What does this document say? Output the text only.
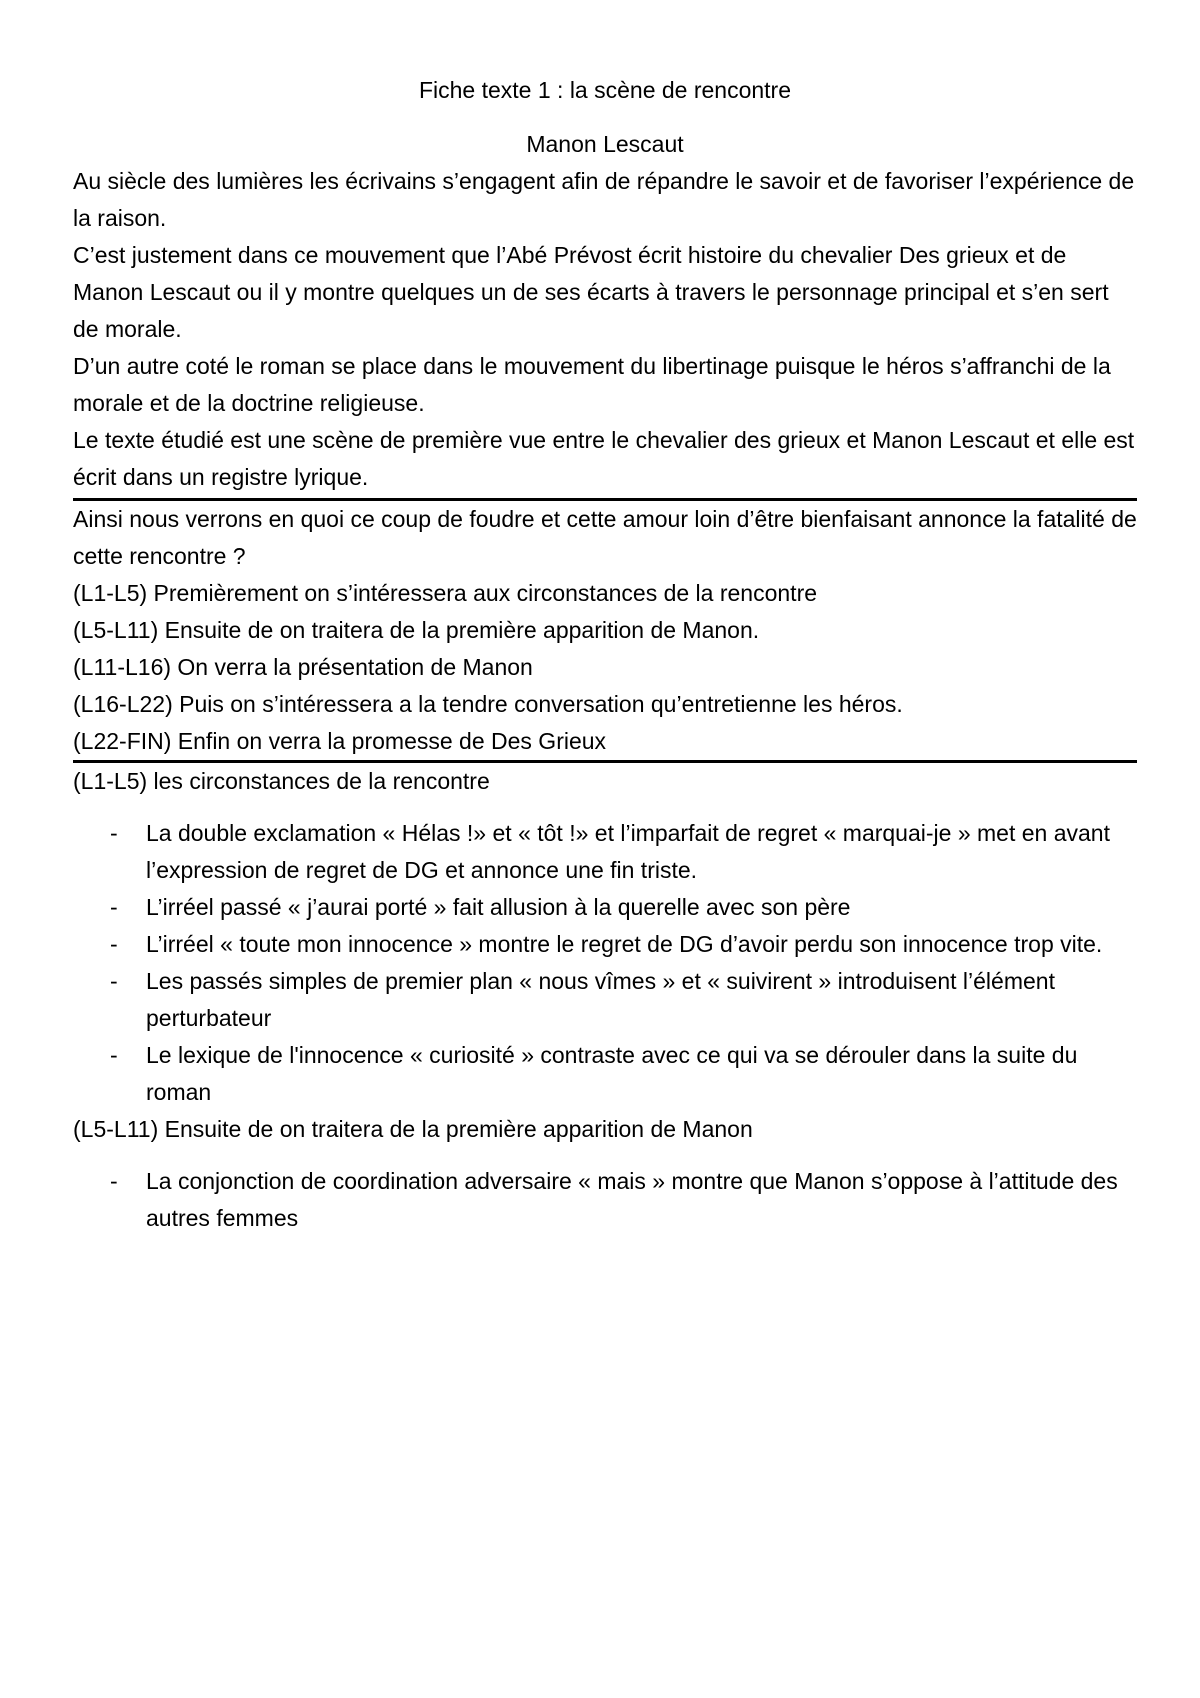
Fiche texte 1 : la scène de rencontre

Manon Lescaut

Au siècle des lumières les écrivains s’engagent afin de répandre le savoir et de favoriser l’expérience de la raison.

C’est justement dans ce mouvement que l’Abé Prévost écrit histoire du chevalier Des grieux et de Manon Lescaut ou il y montre quelques un de ses écarts à travers le personnage principal et s’en sert de morale.

D’un autre coté le roman se place dans le mouvement du libertinage puisque le héros s’affranchi de la morale et de la doctrine religieuse.

Le texte étudié est une scène de première vue entre le chevalier des grieux et Manon Lescaut et elle est écrit dans un registre lyrique.

Ainsi nous verrons en quoi ce coup de foudre et cette amour loin d’être bienfaisant annonce la fatalité de cette rencontre ?

(L1-L5) Premièrement on s’intéressera aux circonstances de la rencontre

(L5-L11) Ensuite de on traitera de la première apparition de Manon.

(L11-L16) On verra la présentation de Manon

(L16-L22) Puis on s’intéressera a la tendre conversation qu’entretienne les héros.

(L22-FIN) Enfin on verra la promesse de Des Grieux

(L1-L5) les circonstances de la rencontre

- La double exclamation « Hélas !» et « tôt !» et l’imparfait de regret « marquai-je » met en avant l’expression de regret de DG et annonce une fin triste.
- L’irréel passé « j’aurai porté » fait allusion à la querelle avec son père
- L’irréel « toute mon innocence » montre le regret de DG d’avoir perdu son innocence trop vite.
- Les passés simples de premier plan « nous vîmes » et « suivirent » introduisent l’élément perturbateur
- Le lexique de l'innocence « curiosité » contraste avec ce qui va se dérouler dans la suite du roman

(L5-L11) Ensuite de on traitera de la première apparition de Manon

- La conjonction de coordination adversaire « mais » montre que Manon s’oppose à l’attitude des autres femmes
